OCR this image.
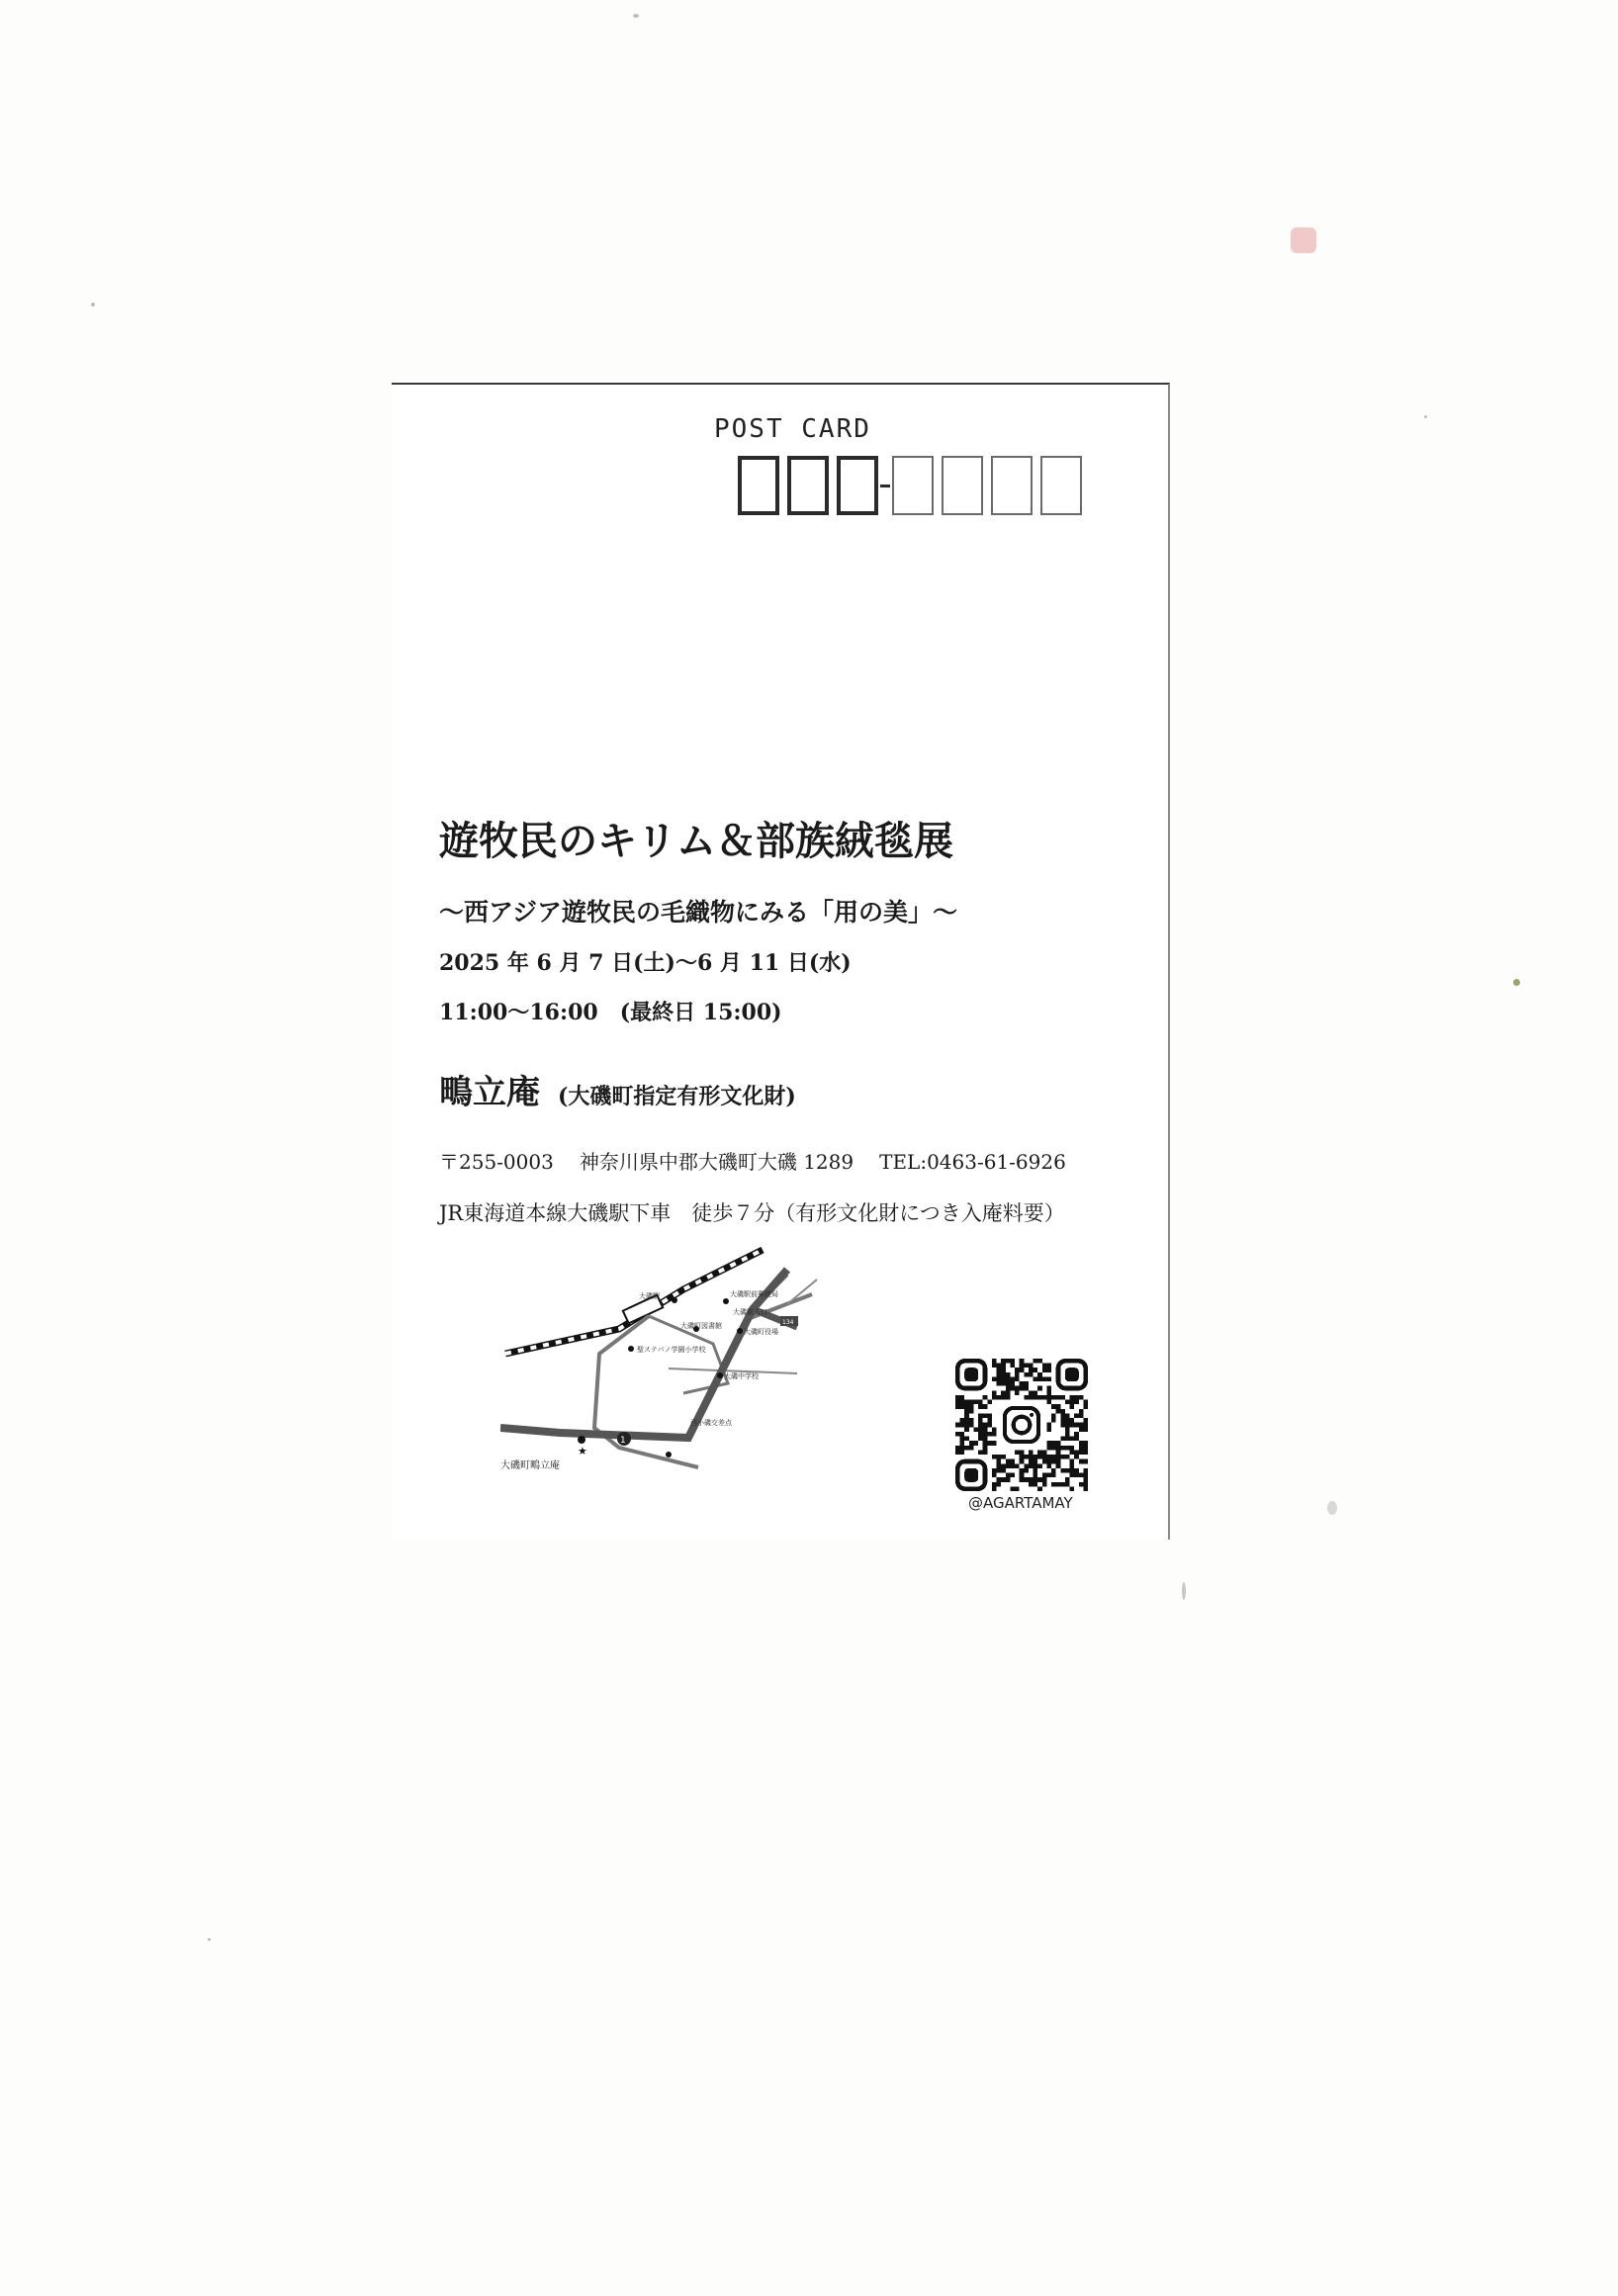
POST CARD
遊牧民のキリム＆部族絨毯展
～西アジア遊牧民の毛織物にみる「用の美」～
2025 年 6 月 7 日(土)～6 月 11 日(水)
11:00～16:00　(最終日 15:00)
鴫立庵 (大磯町指定有形文化財)
〒255-0003 神奈川県中郡大磯町大磯 1289 TEL:0463-61-6926
JR東海道本線大磯駅下車　徒歩７分（有形文化財につき入庵料要）
★
1
大磯町鴫立庵
大磯駅前郵便局
大磯駅入口
大磯町図書館
大磯町役場
聖ステパノ学園小学校
大磯中学校
西小磯交差点
大磯駅
134
@AGARTAMAY
